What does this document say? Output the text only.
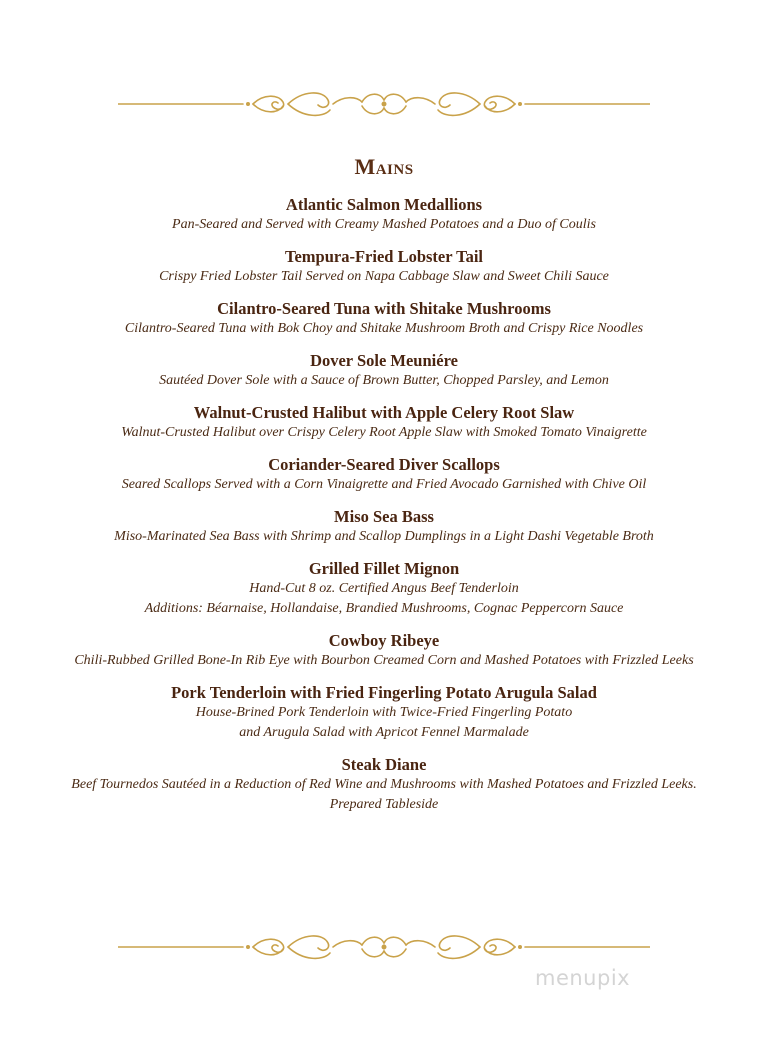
Mains
Atlantic Salmon Medallions
Pan-Seared and Served with Creamy Mashed Potatoes and a Duo of Coulis
Tempura-Fried Lobster Tail
Crispy Fried Lobster Tail Served on Napa Cabbage Slaw and Sweet Chili Sauce
Cilantro-Seared Tuna with Shitake Mushrooms
Cilantro-Seared Tuna with Bok Choy and Shitake Mushroom Broth and Crispy Rice Noodles
Dover Sole Meuniére
Sautéed Dover Sole with a Sauce of Brown Butter, Chopped Parsley, and Lemon
Walnut-Crusted Halibut with Apple Celery Root Slaw
Walnut-Crusted Halibut over Crispy Celery Root Apple Slaw with Smoked Tomato Vinaigrette
Coriander-Seared Diver Scallops
Seared Scallops Served with a Corn Vinaigrette and Fried Avocado Garnished with Chive Oil
Miso Sea Bass
Miso-Marinated Sea Bass with Shrimp and Scallop Dumplings in a Light Dashi Vegetable Broth
Grilled Fillet Mignon
Hand-Cut 8 oz. Certified Angus Beef Tenderloin
Additions: Béarnaise, Hollandaise, Brandied Mushrooms, Cognac Peppercorn Sauce
Cowboy Ribeye
Chili-Rubbed Grilled Bone-In Rib Eye with Bourbon Creamed Corn and Mashed Potatoes with Frizzled Leeks
Pork Tenderloin with Fried Fingerling Potato Arugula Salad
House-Brined Pork Tenderloin with Twice-Fried Fingerling Potato
and Arugula Salad with Apricot Fennel Marmalade
Steak Diane
Beef Tournedos Sautéed in a Reduction of Red Wine and Mushrooms with Mashed Potatoes and Frizzled Leeks.
Prepared Tableside
menupix
